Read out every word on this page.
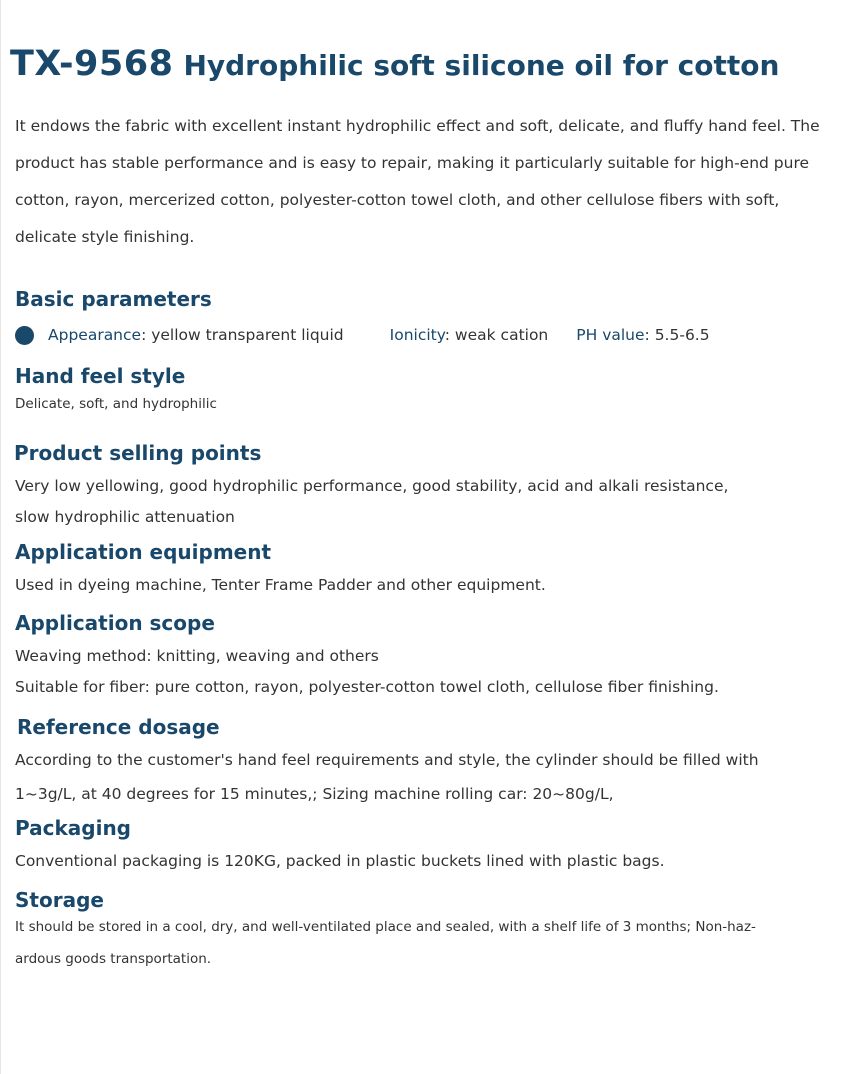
TX-9568 Hydrophilic soft silicone oil for cotton

It endows the fabric with excellent instant hydrophilic effect and soft, delicate, and fluffy hand feel. The product has stable performance and is easy to repair, making it particularly suitable for high-end pure cotton, rayon, mercerized cotton, polyester-cotton towel cloth, and other cellulose fibers with soft, delicate style finishing.

Basic parameters
Appearance: yellow transparent liquid	Ionicity: weak cation PH value: 5.5-6.5
Hand feel style

Delicate, soft, and hydrophilic

Product selling points

Very low yellowing, good hydrophilic performance, good stability, acid and alkali resistance,

slow hydrophilic attenuation

Application equipment

Used in dyeing machine, Tenter Frame Padder and other equipment.

Application scope

Weaving method: knitting, weaving and others

Suitable for fiber: pure cotton, rayon, polyester-cotton towel cloth, cellulose fiber finishing.

Reference dosage

According to the customer's hand feel requirements and style, the cylinder should be filled with

1~3g/L, at 40 degrees for 15 minutes,; Sizing machine rolling car: 20~80g/L,

Packaging

Conventional packaging is 120KG, packed in plastic buckets lined with plastic bags.

Storage

It should be stored in a cool, dry, and well-ventilated place and sealed, with a shelf life of 3 months; Non-haz-

ardous goods transportation.
